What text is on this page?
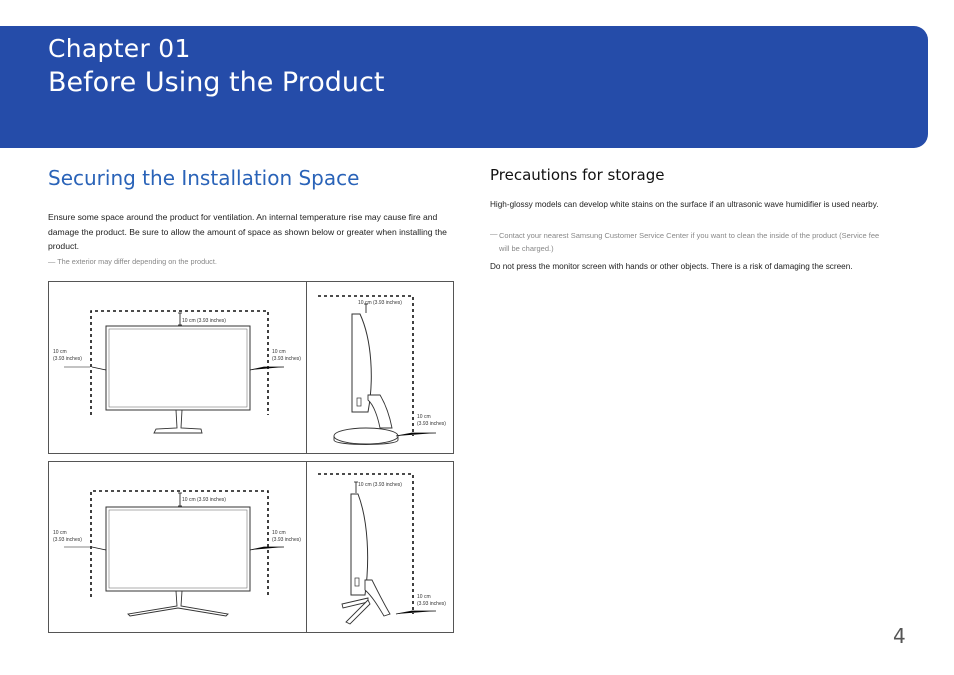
Chapter 01
Before Using the Product
Securing the Installation Space
Ensure some space around the product for ventilation. An internal temperature rise may cause fire and damage the product. Be sure to allow the amount of space as shown below or greater when installing the product.
― The exterior may differ depending on the product.
Precautions for storage
High-glossy models can develop white stains on the surface if an ultrasonic wave humidifier is used nearby.
― Contact your nearest Samsung Customer Service Center if you want to clean the inside of the product (Service fee will be charged.)
Do not press the monitor screen with hands or other objects. There is a risk of damaging the screen.
10 cm (3.93 inches)
10 cm
(3.93 inches)
10 cm
(3.93 inches)
10 cm (3.93 inches)
10 cm
(3.93 inches)
10 cm (3.93 inches)
10 cm
(3.93 inches)
10 cm
(3.93 inches)
10 cm (3.93 inches)
10 cm
(3.93 inches)
4
